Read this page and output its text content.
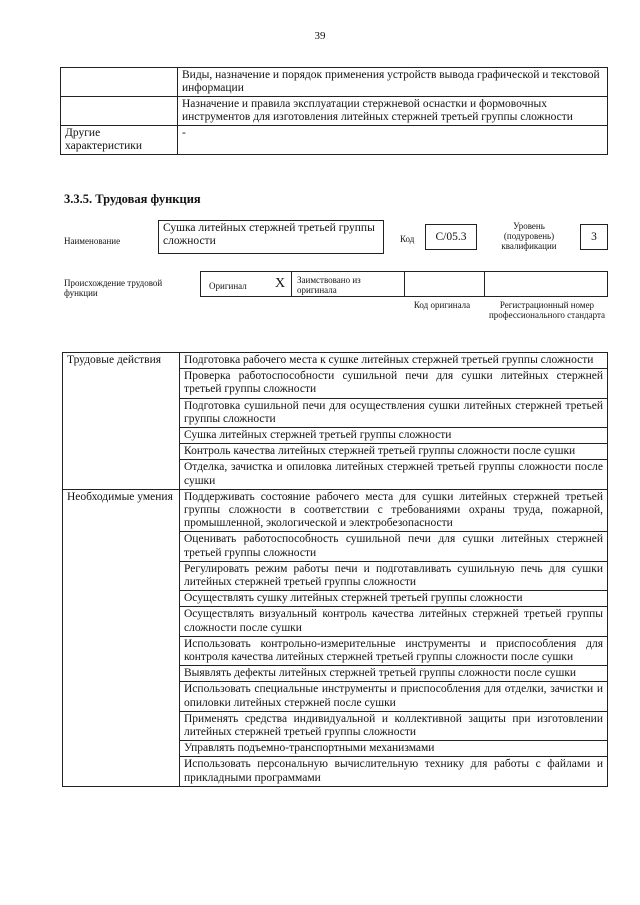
39
	Виды, назначение и порядок применения устройств вывода графической и текстовой информации
	Назначение и правила эксплуатации стержневой оснастки и формовочных инструментов для изготовления литейных стержней третьей группы сложности
Другие характеристики	-
3.3.5. Трудовая функция
Наименование
Сушка литейных стержней третьей группы сложности	Код	С/05.3
Уровень (подуровень) квалификации
3
Происхождение трудовой функции
Оригинал Х Заимствовано из оригинала
Код оригинала	Регистрационный номер профессионального стандарта
Трудовые действия	Подготовка рабочего места к сушке литейных стержней третьей группы сложности
	Проверка работоспособности сушильной печи для сушки литейных стержней третьей группы сложности
	Подготовка сушильной печи для осуществления сушки литейных стержней третьей группы сложности
	Сушка литейных стержней третьей группы сложности
	Контроль качества литейных стержней третьей группы сложности после сушки
	Отделка, зачистка и опиловка литейных стержней третьей группы сложности после сушки
Необходимые умения	Поддерживать состояние рабочего места для сушки литейных стержней третьей группы сложности в соответствии с требованиями охраны труда, пожарной, промышленной, экологической и электробезопасности
	Оценивать работоспособность сушильной печи для сушки литейных стержней третьей группы сложности
	Регулировать режим работы печи и подготавливать сушильную печь для сушки литейных стержней третьей группы сложности
	Осуществлять сушку литейных стержней третьей группы сложности
	Осуществлять визуальный контроль качества литейных стержней третьей группы сложности после сушки
	Использовать контрольно-измерительные инструменты и приспособления для контроля качества литейных стержней третьей группы сложности после сушки
	Выявлять дефекты литейных стержней третьей группы сложности после сушки
	Использовать специальные инструменты и приспособления для отделки, зачистки и опиловки литейных стержней после сушки
	Применять средства индивидуальной и коллективной защиты при изготовлении литейных стержней третьей группы сложности
	Управлять подъемно-транспортными механизмами
	Использовать персональную вычислительную технику для работы с файлами и прикладными программами
